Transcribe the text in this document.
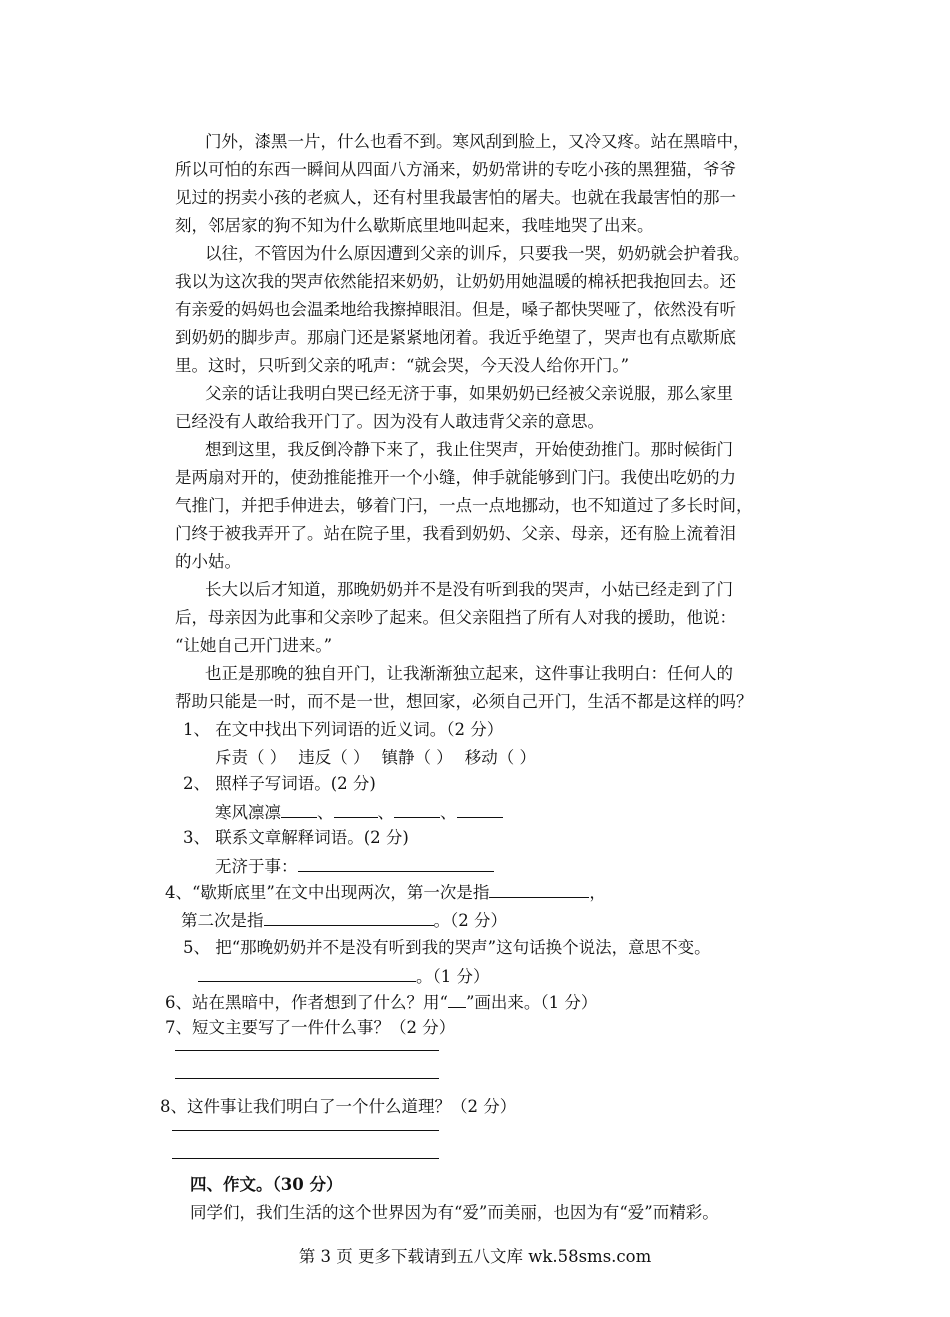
门外，漆黑一片，什么也看不到。寒风刮到脸上，又冷又疼。站在黑暗中，
所以可怕的东西一瞬间从四面八方涌来，奶奶常讲的专吃小孩的黑狸猫，爷爷
见过的拐卖小孩的老疯人，还有村里我最害怕的屠夫。也就在我最害怕的那一
刻，邻居家的狗不知为什么歇斯底里地叫起来，我哇地哭了出来。
以往，不管因为什么原因遭到父亲的训斥，只要我一哭，奶奶就会护着我。
我以为这次我的哭声依然能招来奶奶，让奶奶用她温暖的棉袄把我抱回去。还
有亲爱的妈妈也会温柔地给我擦掉眼泪。但是，嗓子都快哭哑了，依然没有听
到奶奶的脚步声。那扇门还是紧紧地闭着。我近乎绝望了，哭声也有点歇斯底
里。这时，只听到父亲的吼声：“就会哭，今天没人给你开门。”
父亲的话让我明白哭已经无济于事，如果奶奶已经被父亲说服，那么家里
已经没有人敢给我开门了。因为没有人敢违背父亲的意思。
想到这里，我反倒冷静下来了，我止住哭声，开始使劲推门。那时候街门
是两扇对开的，使劲推能推开一个小缝，伸手就能够到门闩。我使出吃奶的力
气推门，并把手伸进去，够着门闩，一点一点地挪动，也不知道过了多长时间，
门终于被我弄开了。站在院子里，我看到奶奶、父亲、母亲，还有脸上流着泪
的小姑。
长大以后才知道，那晚奶奶并不是没有听到我的哭声，小姑已经走到了门
后，母亲因为此事和父亲吵了起来。但父亲阻挡了所有人对我的援助，他说：
“让她自己开门进来。”
也正是那晚的独自开门，让我渐渐独立起来，这件事让我明白：任何人的
帮助只能是一时，而不是一世，想回家，必须自己开门，生活不都是这样的吗？
1、 在文中找出下列词语的近义词。（2 分）
斥责（ ） 违反（ ） 镇静（ ） 移动（ ）
2、 照样子写词语。(2 分)
寒风凛凛 、	、	、
3、 联系文章解释词语。(2 分)
无济于事：
4、“歇斯底里”在文中出现两次，第一次是指	，
第二次是指	。（2 分）
5、 把“那晚奶奶并不是没有听到我的哭声”这句话换个说法，意思不变。
。（1 分）
6、站在黑暗中，作者想到了什么？用“ ”画出来。（1 分）
7、短文主要写了一件什么事？（2 分）
8、这件事让我们明白了一个什么道理？（2 分）
四、作文。（30 分）
同学们，我们生活的这个世界因为有“爱”而美丽，也因为有“爱”而精彩。
第 3 页 更多下载请到五八文库 wk.58sms.com
